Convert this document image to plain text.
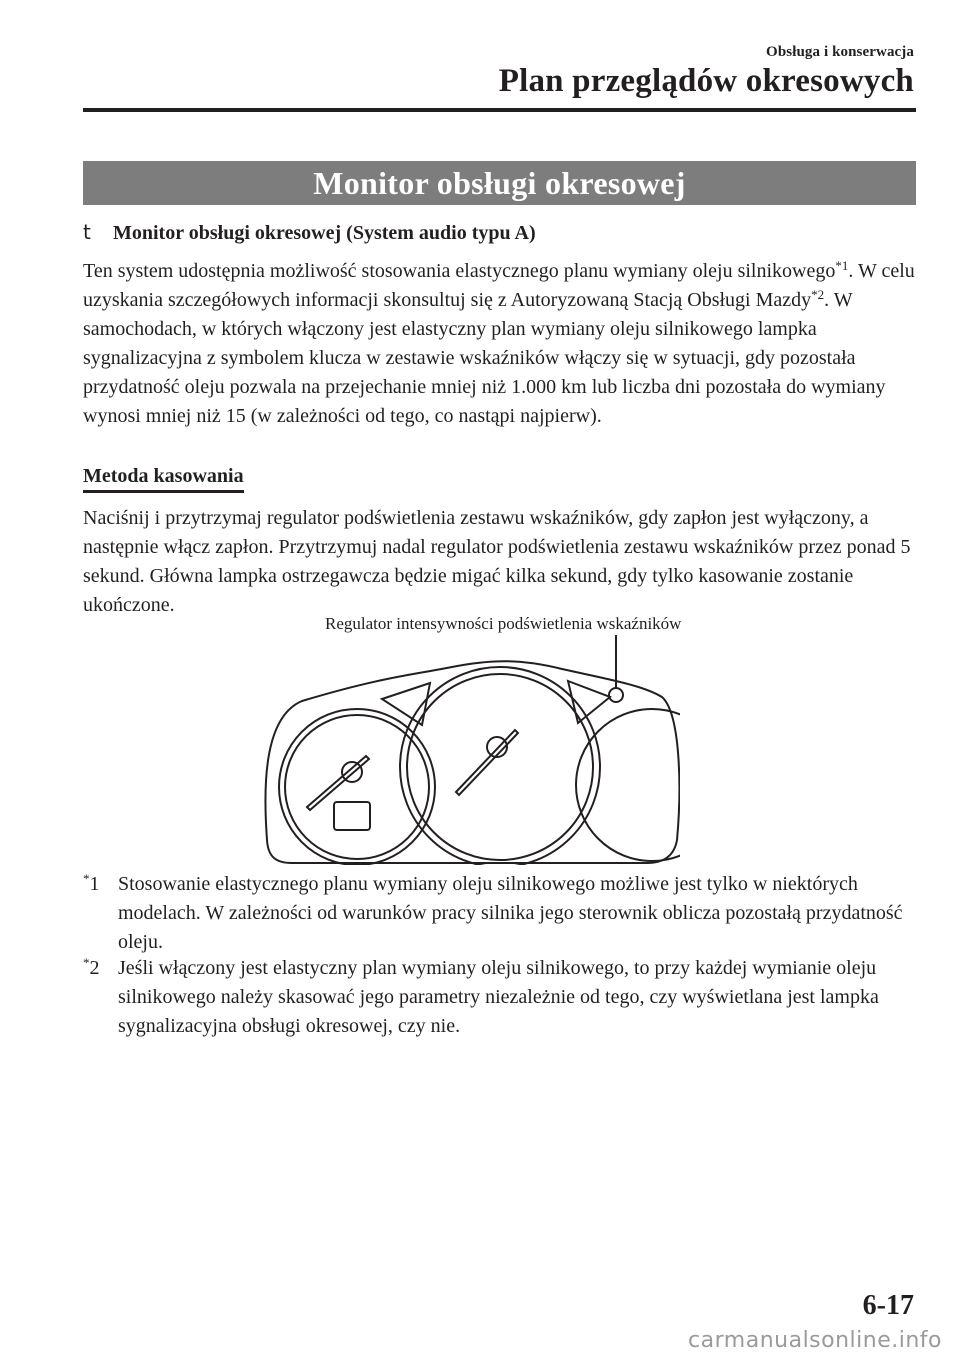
Obsługa i konserwacja
Plan przeglądów okresowych
Monitor obsługi okresowej
t Monitor obsługi okresowej (System audio typu A)
Ten system udostępnia możliwość stosowania elastycznego planu wymiany oleju silnikowego$^{*1}$. W celu uzyskania szczegółowych informacji skonsultuj się z Autoryzowaną Stacją Obsługi Mazdy$^{*2}$. W samochodach, w których włączony jest elastyczny plan wymiany oleju silnikowego lampka sygnalizacyjna z symbolem klucza w zestawie wskaźników włączy się w sytuacji, gdy pozostała przydatność oleju pozwala na przejechanie mniej niż 1.000 km lub liczba dni pozostała do wymiany wynosi mniej niż 15 (w zależności od tego, co nastąpi najpierw).
Metoda kasowania
Naciśnij i przytrzymaj regulator podświetlenia zestawu wskaźników, gdy zapłon jest wyłączony, a następnie włącz zapłon. Przytrzymuj nadal regulator podświetlenia zestawu wskaźników przez ponad 5 sekund. Główna lampka ostrzegawcza będzie migać kilka sekund, gdy tylko kasowanie zostanie ukończone.
Regulator intensywności podświetlenia wskaźników
*1 Stosowanie elastycznego planu wymiany oleju silnikowego możliwe jest tylko w niektórych modelach. W zależności od warunków pracy silnika jego sterownik oblicza pozostałą przydatność oleju.
*2 Jeśli włączony jest elastyczny plan wymiany oleju silnikowego, to przy każdej wymianie oleju silnikowego należy skasować jego parametry niezależnie od tego, czy wyświetlana jest lampka sygnalizacyjna obsługi okresowej, czy nie.
6-17
carmanualsonline.info
